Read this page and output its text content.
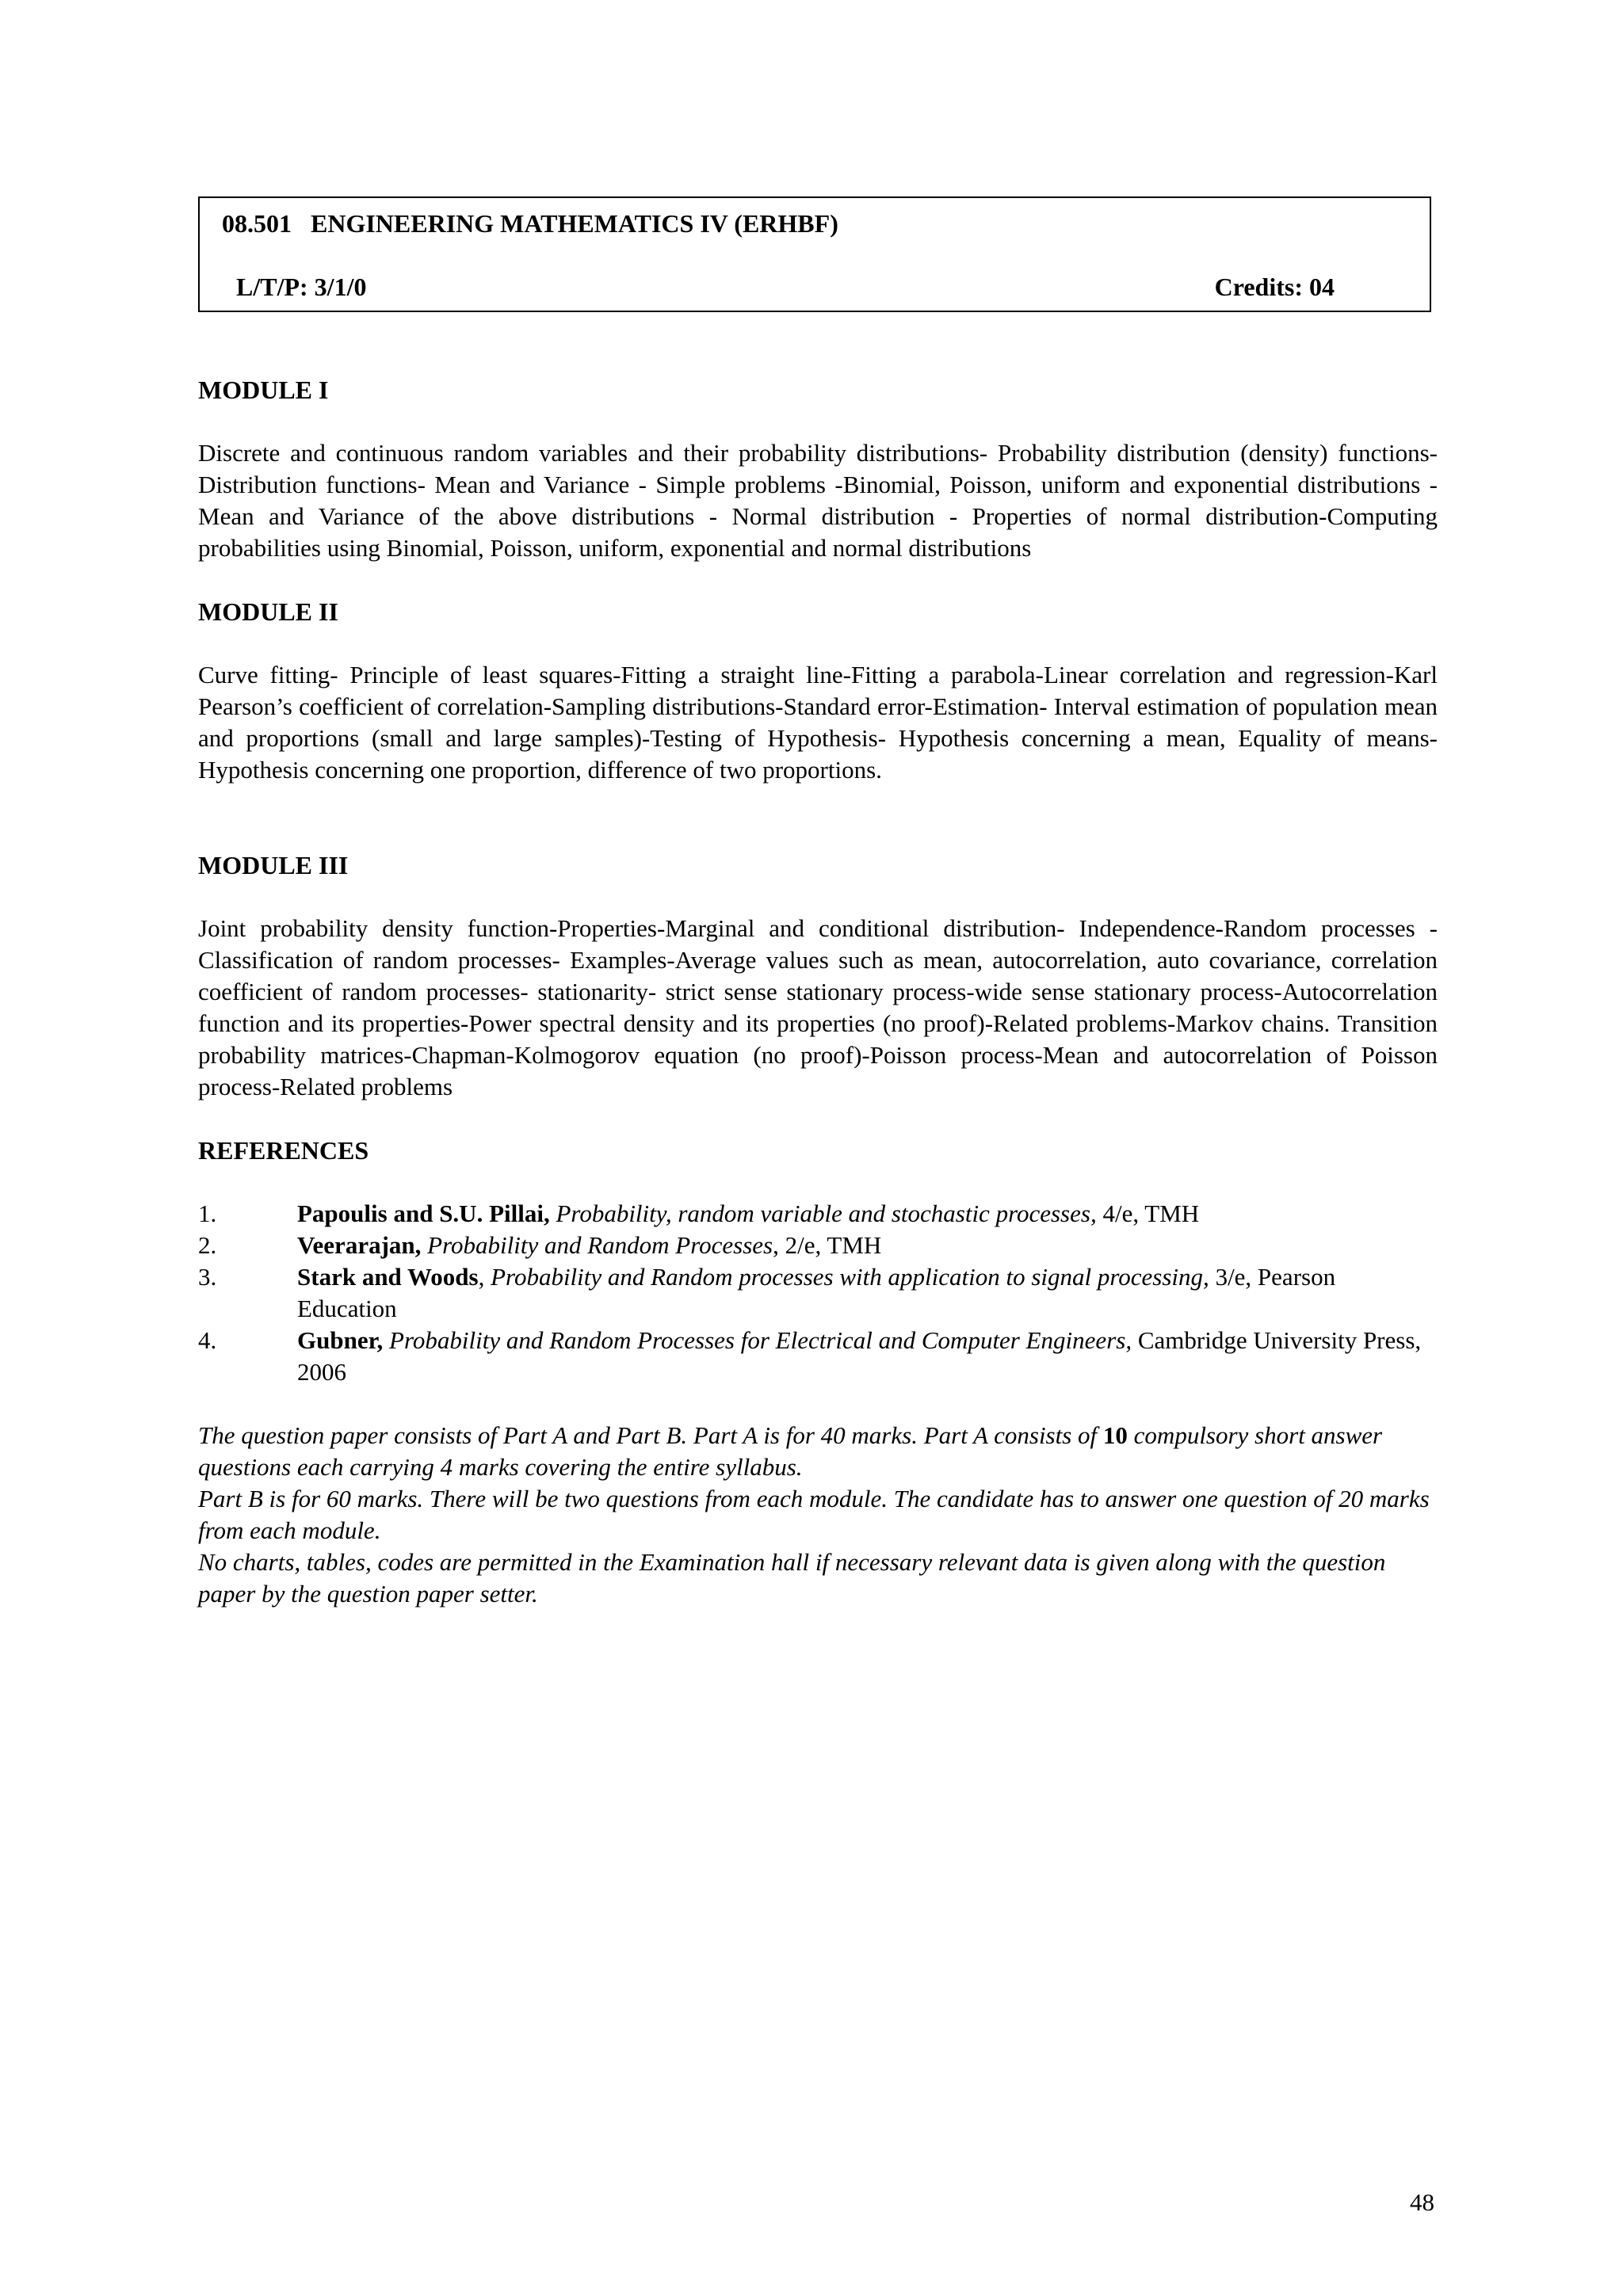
08.501 ENGINEERING MATHEMATICS IV (ERHBF)
L/T/P: 3/1/0	Credits: 04
MODULE I

Discrete and continuous random variables and their probability distributions- Probability distribution (density) functions-Distribution functions- Mean and Variance - Simple problems -Binomial, Poisson, uniform and exponential distributions - Mean and Variance of the above distributions - Normal distribution - Properties of normal distribution-Computing probabilities using Binomial, Poisson, uniform, exponential and normal distributions

MODULE II

Curve fitting- Principle of least squares-Fitting a straight line-Fitting a parabola-Linear correlation and regression-Karl Pearson’s coefficient of correlation-Sampling distributions-Standard error-Estimation- Interval estimation of population mean and proportions (small and large samples)-Testing of Hypothesis- Hypothesis concerning a mean, Equality of means-Hypothesis concerning one proportion, difference of two proportions.

MODULE III

Joint probability density function-Properties-Marginal and conditional distribution- Independence-Random processes -Classification of random processes- Examples-Average values such as mean, autocorrelation, auto covariance, correlation coefficient of random processes- stationarity- strict sense stationary process-wide sense stationary process-Autocorrelation function and its properties-Power spectral density and its properties (no proof)-Related problems-Markov chains. Transition probability matrices-Chapman-Kolmogorov equation (no proof)-Poisson process-Mean and autocorrelation of Poisson process-Related problems

REFERENCES
1.	Papoulis and S.U. Pillai, Probability, random variable and stochastic processes, 4/e, TMH
2.	Veerarajan, Probability and Random Processes, 2/e, TMH
3.	Stark and Woods, Probability and Random processes with application to signal processing, 3/e, Pearson Education
4.	Gubner, Probability and Random Processes for Electrical and Computer Engineers, Cambridge University Press, 2006

The question paper consists of Part A and Part B. Part A is for 40 marks. Part A consists of 10 compulsory short answer questions each carrying 4 marks covering the entire syllabus.

Part B is for 60 marks. There will be two questions from each module. The candidate has to answer one question of 20 marks from each module.

No charts, tables, codes are permitted in the Examination hall if necessary relevant data is given along with the question paper by the question paper setter.

48
